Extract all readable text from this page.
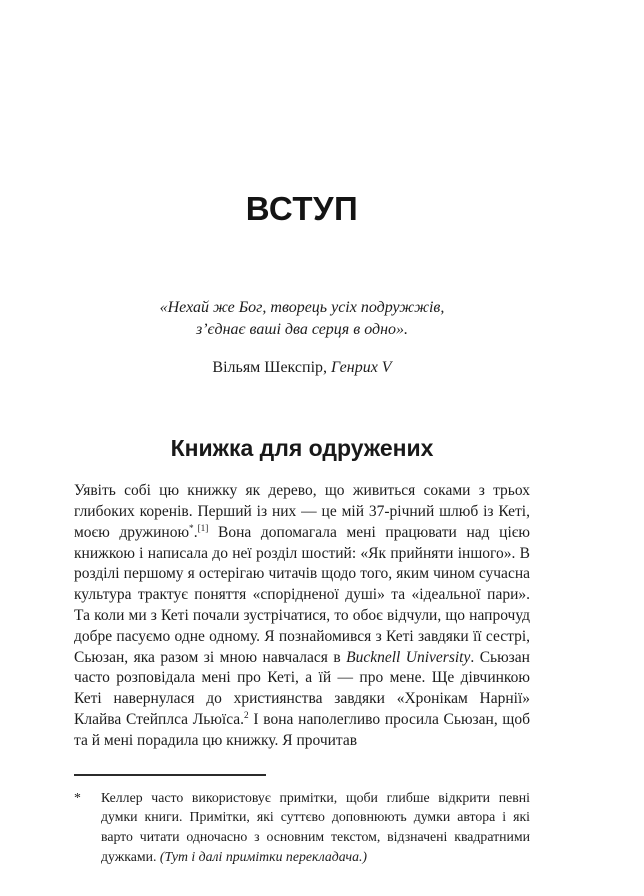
ВСТУП
«Нехай же Бог, творець усіх подружжів,
з’єднає ваші два серця в одно».
Вільям Шекспір, Генрих V
Книжка для одружених

Уявіть собі цю книжку як дерево, що живиться соками з трьох глибоких коренів. Перший із них — це мій 37-річний шлюб із Кеті, моєю дружиною*.[1] Вона допомагала мені працювати над цією книжкою і написала до неї розділ шостий: «Як прийняти іншого». В розділі першому я остерігаю читачів щодо того, яким чином сучасна культура трактує поняття «спорідненої душі» та «ідеальної пари». Та коли ми з Кеті почали зустрічатися, то обоє відчули, що напрочуд добре пасуємо одне одному. Я познайомився з Кеті завдяки її сестрі, Сьюзан, яка разом зі мною навчалася в Bucknell University. Сьюзан часто розповідала мені про Кеті, а їй — про мене. Ще дівчинкою Кеті навернулася до християнства завдяки «Хронікам Нарнії» Клайва Стейплса Льюїса.$^2$ І вона наполегливо просила Сьюзан, щоб та й мені порадила цю книжку. Я прочитав

*	Келлер часто використовує примітки, щоби глибше відкрити певні думки книги. Примітки, які суттєво доповнюють думки автора і які варто читати одночасно з основним текстом, відзначені квадратними дужками. (Тут і далі примітки перекладача.)
